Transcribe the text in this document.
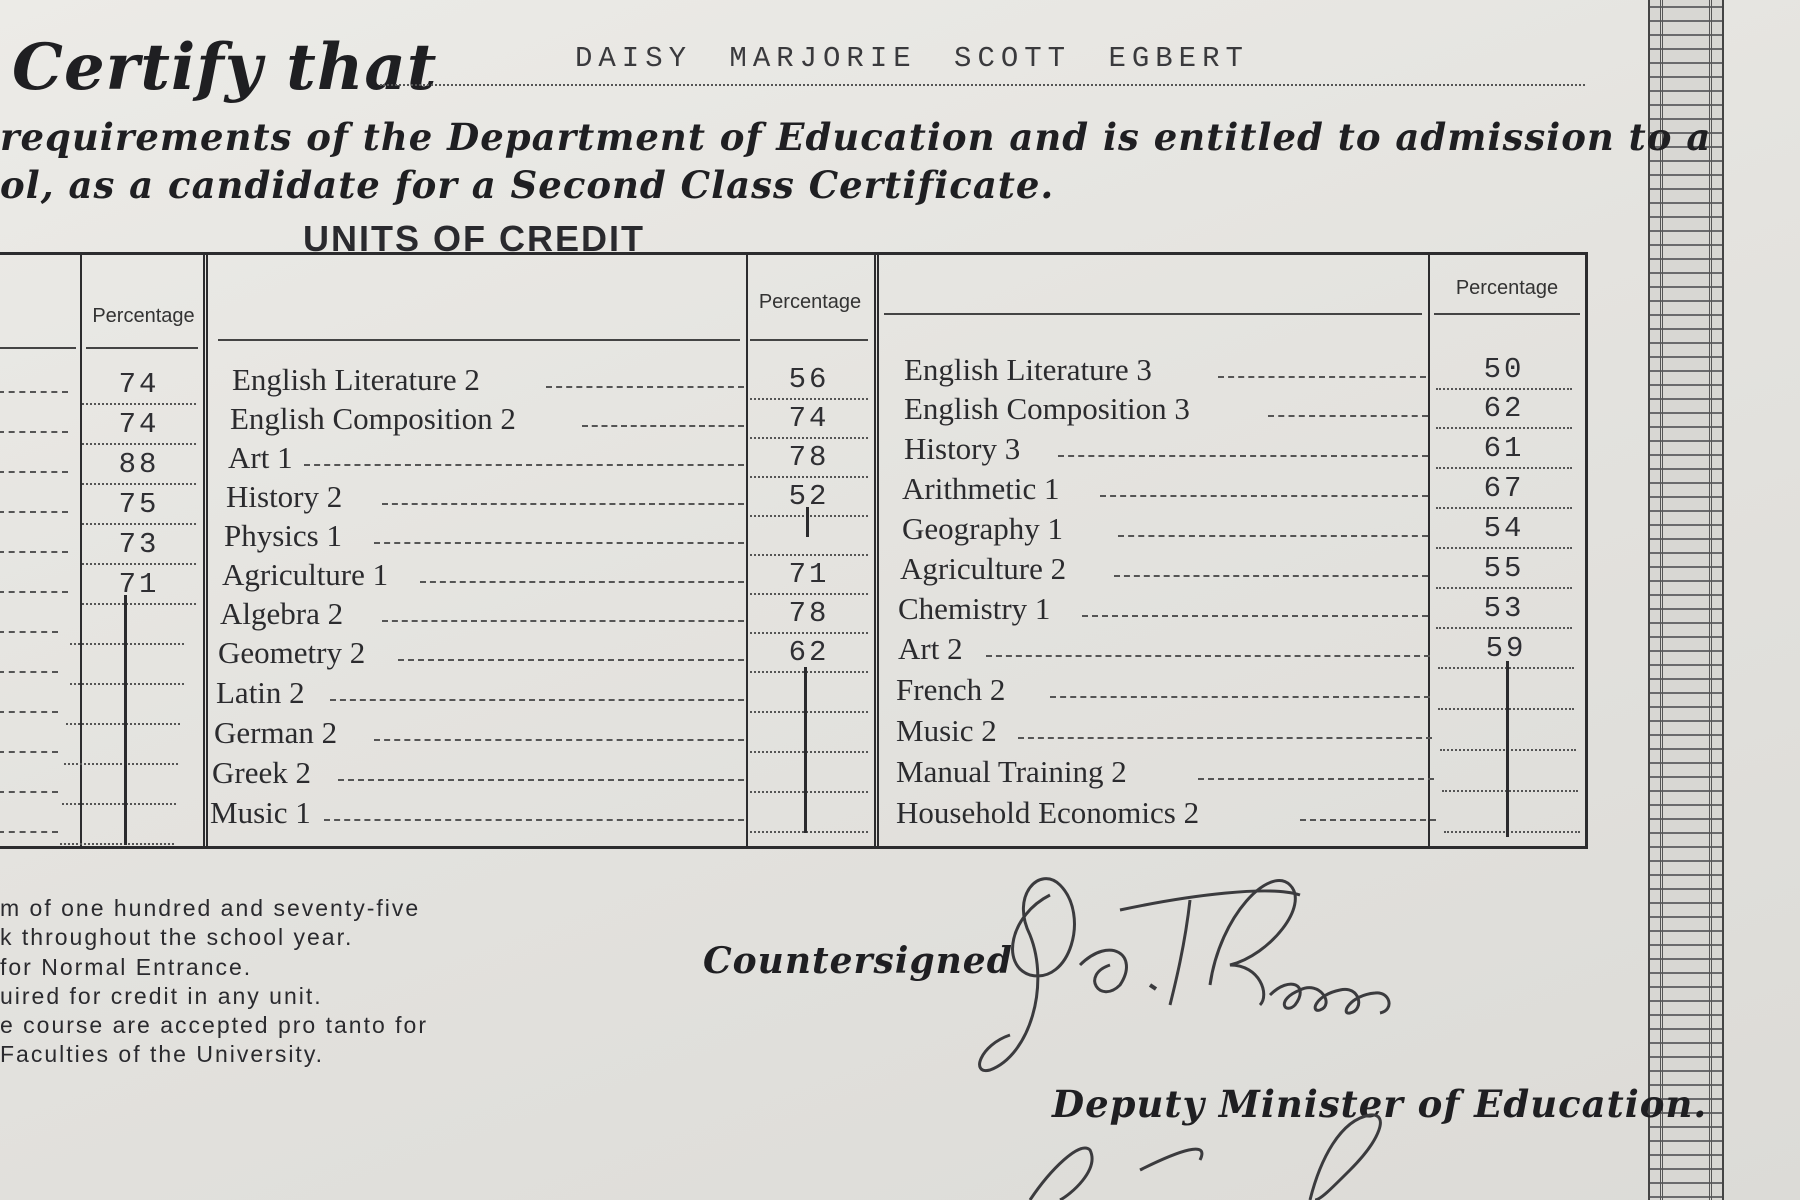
Certify that	DAISY MARJORIE SCOTT EGBERT
requirements of the Department of Education and is entitled to admission to a
ol, as a candidate for a Second Class Certificate.
UNITS OF CREDIT
Percentage
Percentage
Percentage
74
74
88
75
73
71
English Literature 2	56
English Composition 2	74
Art 1	78
History 2	52
Physics 1
Agriculture 1	71
Algebra 2	78
Geometry 2	62
Latin 2
German 2
Greek 2
Music 1
English Literature 3	50
English Composition 3	62
History 3	61
Arithmetic 1	67
Geography 1	54
Agriculture 2	55
Chemistry 1	53
Art 2	59
French 2
Music 2
Manual Training 2
Household Economics 2
m of one hundred and seventy-five
k throughout the school year.
for Normal Entrance.
uired for credit in any unit.
e course are accepted pro tanto for
Faculties of the University.
Countersigned
Deputy Minister of Education.
